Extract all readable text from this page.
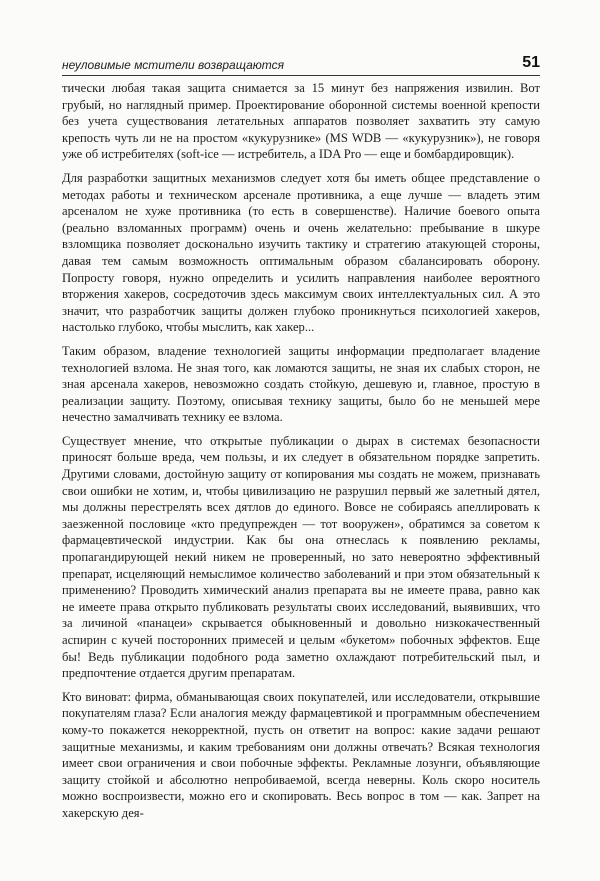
неуловимые мстители возвращаются	51

тически любая такая защита снимается за 15 минут без напряжения извилин. Вот грубый, но наглядный пример. Проектирование оборонной системы военной крепости без учета существования летательных аппаратов позволяет захватить эту самую крепость чуть ли не на простом «кукурузнике» (MS WDB — «кукурузник»), не говоря уже об истребителях (soft-ice — истребитель, а IDA Pro — еще и бомбардировщик).

Для разработки защитных механизмов следует хотя бы иметь общее представление о методах работы и техническом арсенале противника, а еще лучше — владеть этим арсеналом не хуже противника (то есть в совершенстве). Наличие боевого опыта (реально взломанных программ) очень и очень желательно: пребывание в шкуре взломщика позволяет досконально изучить тактику и стратегию атакующей стороны, давая тем самым возможность оптимальным образом сбалансировать оборону. Попросту говоря, нужно определить и усилить направления наиболее вероятного вторжения хакеров, сосредоточив здесь максимум своих интеллектуальных сил. А это значит, что разработчик защиты должен глубоко проникнуться психологией хакеров, настолько глубоко, чтобы мыслить, как хакер...

Таким образом, владение технологией защиты информации предполагает владение технологией взлома. Не зная того, как ломаются защиты, не зная их слабых сторон, не зная арсенала хакеров, невозможно создать стойкую, дешевую и, главное, простую в реализации защиту. Поэтому, описывая технику защиты, было бо не меньшей мере нечестно замалчивать технику ее взлома.

Существует мнение, что открытые публикации о дырах в системах безопасности приносят больше вреда, чем пользы, и их следует в обязательном порядке запретить. Другими словами, достойную защиту от копирования мы создать не можем, признавать свои ошибки не хотим, и, чтобы цивилизацию не разрушил первый же залетный дятел, мы должны перестрелять всех дятлов до единого. Вовсе не собираясь апеллировать к заезженной пословице «кто предупрежден — тот вооружен», обратимся за советом к фармацевтической индустрии. Как бы она отнеслась к появлению рекламы, пропагандирующей некий никем не проверенный, но зато невероятно эффективный препарат, исцеляющий немыслимое количество заболеваний и при этом обязательный к применению? Проводить химический анализ препарата вы не имеете права, равно как не имеете права открыто публиковать результаты своих исследований, выявивших, что за личиной «панацеи» скрывается обыкновенный и довольно низкокачественный аспирин с кучей посторонних примесей и целым «букетом» побочных эффектов. Еще бы! Ведь публикации подобного рода заметно охлаждают потребительский пыл, и предпочтение отдается другим препаратам.

Кто виноват: фирма, обманывающая своих покупателей, или исследователи, открывшие покупателям глаза? Если аналогия между фармацевтикой и программным обеспечением кому-то покажется некорректной, пусть он ответит на вопрос: какие задачи решают защитные механизмы, и каким требованиям они должны отвечать? Всякая технология имеет свои ограничения и свои побочные эффекты. Рекламные лозунги, объявляющие защиту стойкой и абсолютно непробиваемой, всегда неверны. Коль скоро носитель можно воспроизвести, можно его и скопировать. Весь вопрос в том — как. Запрет на хакерскую дея-
